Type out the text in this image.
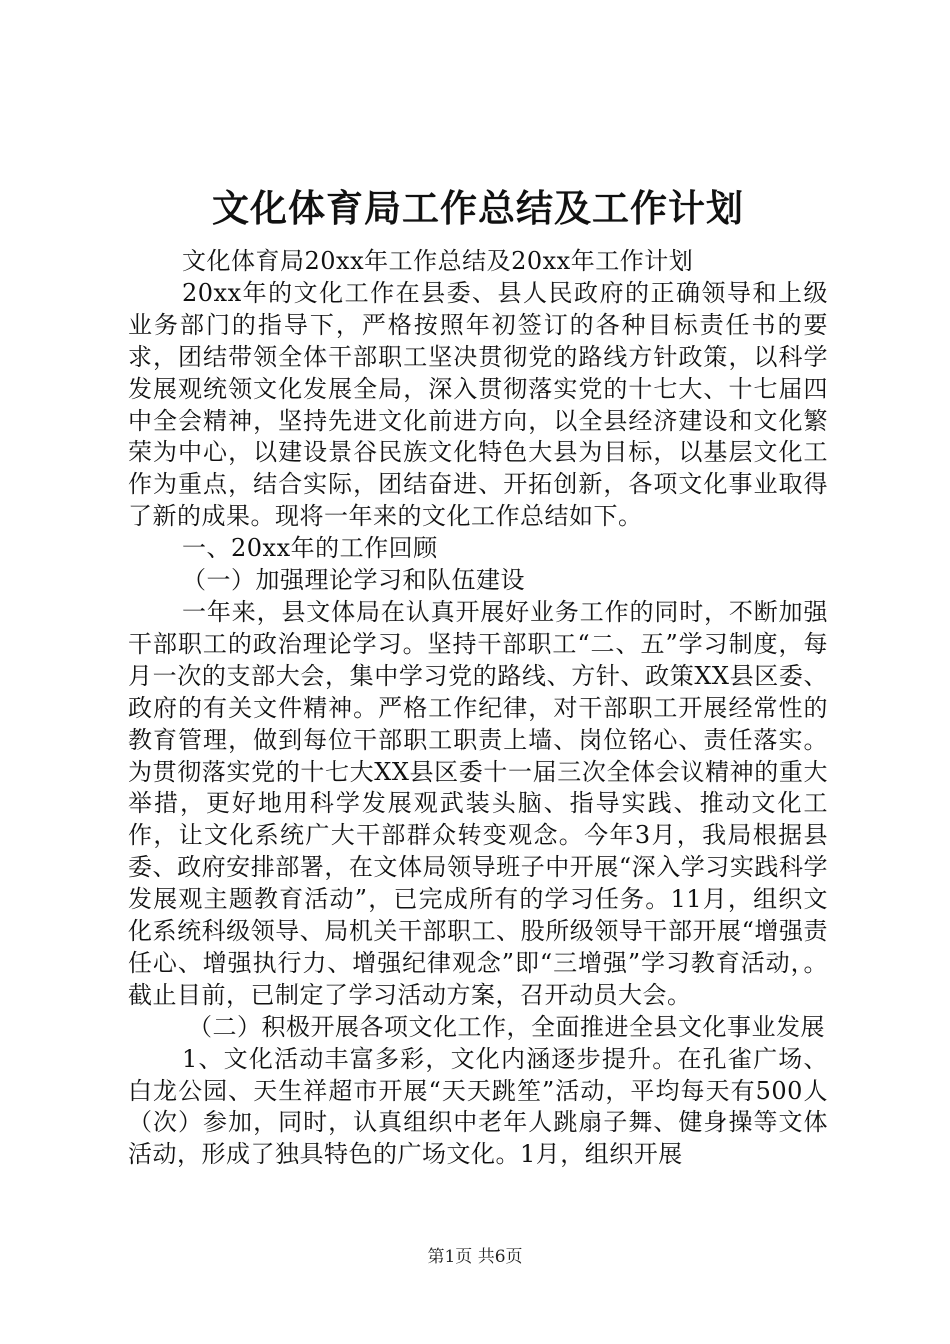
文化体育局工作总结及工作计划

文化体育局20xx年工作总结及20xx年工作计划

20xx年的文化工作在县委、县人民政府的正确领导和上级业务部门的指导下，严格按照年初签订的各种目标责任书的要求，团结带领全体干部职工坚决贯彻党的路线方针政策，以科学发展观统领文化发展全局，深入贯彻落实党的十七大、十七届四中全会精神，坚持先进文化前进方向，以全县经济建设和文化繁荣为中心，以建设景谷民族文化特色大县为目标，以基层文化工作为重点，结合实际，团结奋进、开拓创新，各项文化事业取得了新的成果。现将一年来的文化工作总结如下。

一、20xx年的工作回顾

（一）加强理论学习和队伍建设

一年来，县文体局在认真开展好业务工作的同时，不断加强干部职工的政治理论学习。坚持干部职工“二、五”学习制度，每月一次的支部大会，集中学习党的路线、方针、政策XX县区委、政府的有关文件精神。严格工作纪律，对干部职工开展经常性的教育管理，做到每位干部职工职责上墙、岗位铭心、责任落实。为贯彻落实党的十七大XX县区委十一届三次全体会议精神的重大举措，更好地用科学发展观武装头脑、指导实践、推动文化工作，让文化系统广大干部群众转变观念。今年3月，我局根据县委、政府安排部署，在文体局领导班子中开展“深入学习实践科学发展观主题教育活动”，已完成所有的学习任务。11月，组织文化系统科级领导、局机关干部职工、股所级领导干部开展“增强责任心、增强执行力、增强纪律观念”即“三增强”学习教育活动，。截止目前，已制定了学习活动方案，召开动员大会。

（二）积极开展各项文化工作，全面推进全县文化事业发展

1、文化活动丰富多彩，文化内涵逐步提升。在孔雀广场、白龙公园、天生祥超市开展“天天跳笙”活动，平均每天有500人（次）参加，同时，认真组织中老年人跳扇子舞、健身操等文体活动，形成了独具特色的广场文化。1月，组织开展

第1页 共6页
